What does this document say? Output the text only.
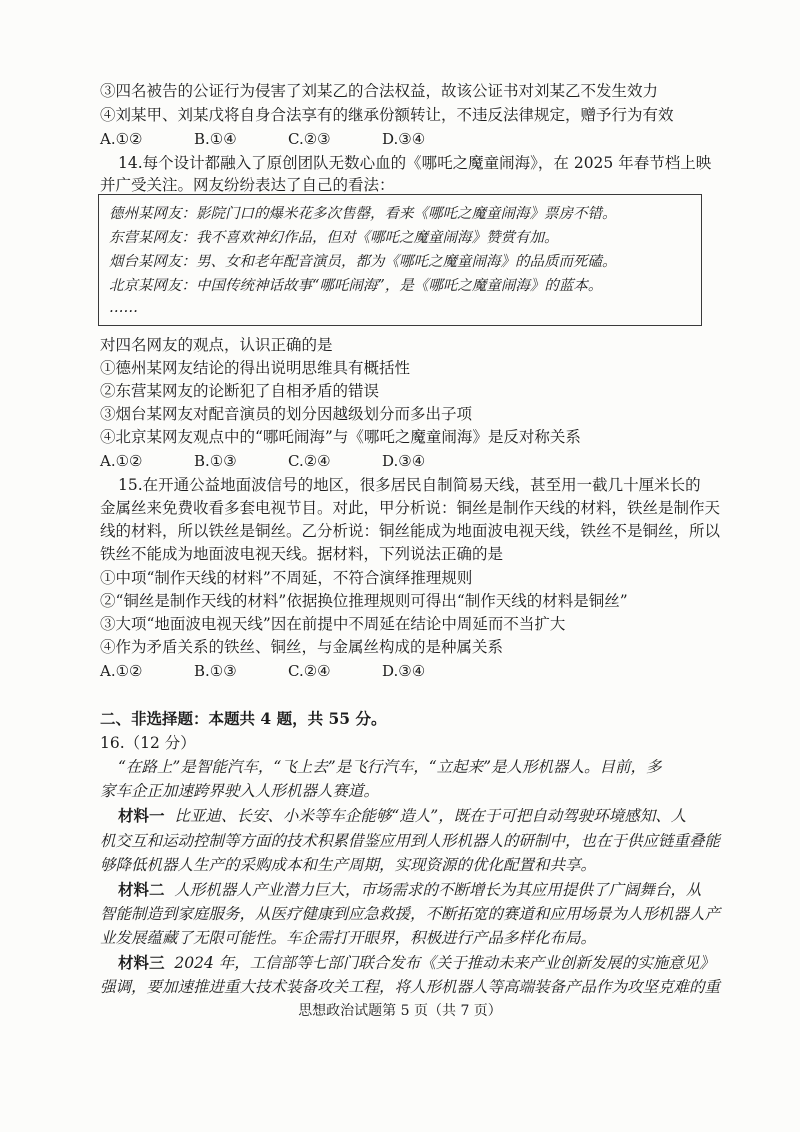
③四名被告的公证行为侵害了刘某乙的合法权益，故该公证书对刘某乙不发生效力
④刘某甲、刘某戊将自身合法享有的继承份额转让，不违反法律规定，赠予行为有效
A.①②	B.①④	C.②③	D.③④
14.每个设计都融入了原创团队无数心血的《哪吒之魔童闹海》，在 2025 年春节档上映
并广受关注。网友纷纷表达了自己的看法：
德州某网友：影院门口的爆米花多次售罄，看来《哪吒之魔童闹海》票房不错。
东营某网友：我不喜欢神幻作品，但对《哪吒之魔童闹海》赞赏有加。
烟台某网友：男、女和老年配音演员，都为《哪吒之魔童闹海》的品质而死磕。
北京某网友：中国传统神话故事“哪吒闹海”，是《哪吒之魔童闹海》的蓝本。
……
对四名网友的观点，认识正确的是
①德州某网友结论的得出说明思维具有概括性
②东营某网友的论断犯了自相矛盾的错误
③烟台某网友对配音演员的划分因越级划分而多出子项
④北京某网友观点中的“哪吒闹海”与《哪吒之魔童闹海》是反对称关系
A.①②	B.①③	C.②④	D.③④
15.在开通公益地面波信号的地区，很多居民自制简易天线，甚至用一截几十厘米长的
金属丝来免费收看多套电视节目。对此，甲分析说：铜丝是制作天线的材料，铁丝是制作天
线的材料，所以铁丝是铜丝。乙分析说：铜丝能成为地面波电视天线，铁丝不是铜丝，所以
铁丝不能成为地面波电视天线。据材料，下列说法正确的是
①中项“制作天线的材料”不周延，不符合演绎推理规则
②“铜丝是制作天线的材料”依据换位推理规则可得出“制作天线的材料是铜丝”
③大项“地面波电视天线”因在前提中不周延在结论中周延而不当扩大
④作为矛盾关系的铁丝、铜丝，与金属丝构成的是种属关系
A.①②	B.①③	C.②④	D.③④
二、非选择题：本题共 4 题，共 55 分。
16.（12 分）
“在路上”是智能汽车，“飞上去”是飞行汽车，“立起来”是人形机器人。目前，多
家车企正加速跨界驶入人形机器人赛道。
材料一 比亚迪、长安、小米等车企能够“造人”，既在于可把自动驾驶环境感知、人
机交互和运动控制等方面的技术积累借鉴应用到人形机器人的研制中，也在于供应链重叠能
够降低机器人生产的采购成本和生产周期，实现资源的优化配置和共享。
材料二 人形机器人产业潜力巨大，市场需求的不断增长为其应用提供了广阔舞台，从
智能制造到家庭服务，从医疗健康到应急救援，不断拓宽的赛道和应用场景为人形机器人产
业发展蕴藏了无限可能性。车企需打开眼界，积极进行产品多样化布局。
材料三 2024 年，工信部等七部门联合发布《关于推动未来产业创新发展的实施意见》
强调，要加速推进重大技术装备攻关工程，将人形机器人等高端装备产品作为攻坚克难的重
思想政治试题第 5 页（共 7 页）
